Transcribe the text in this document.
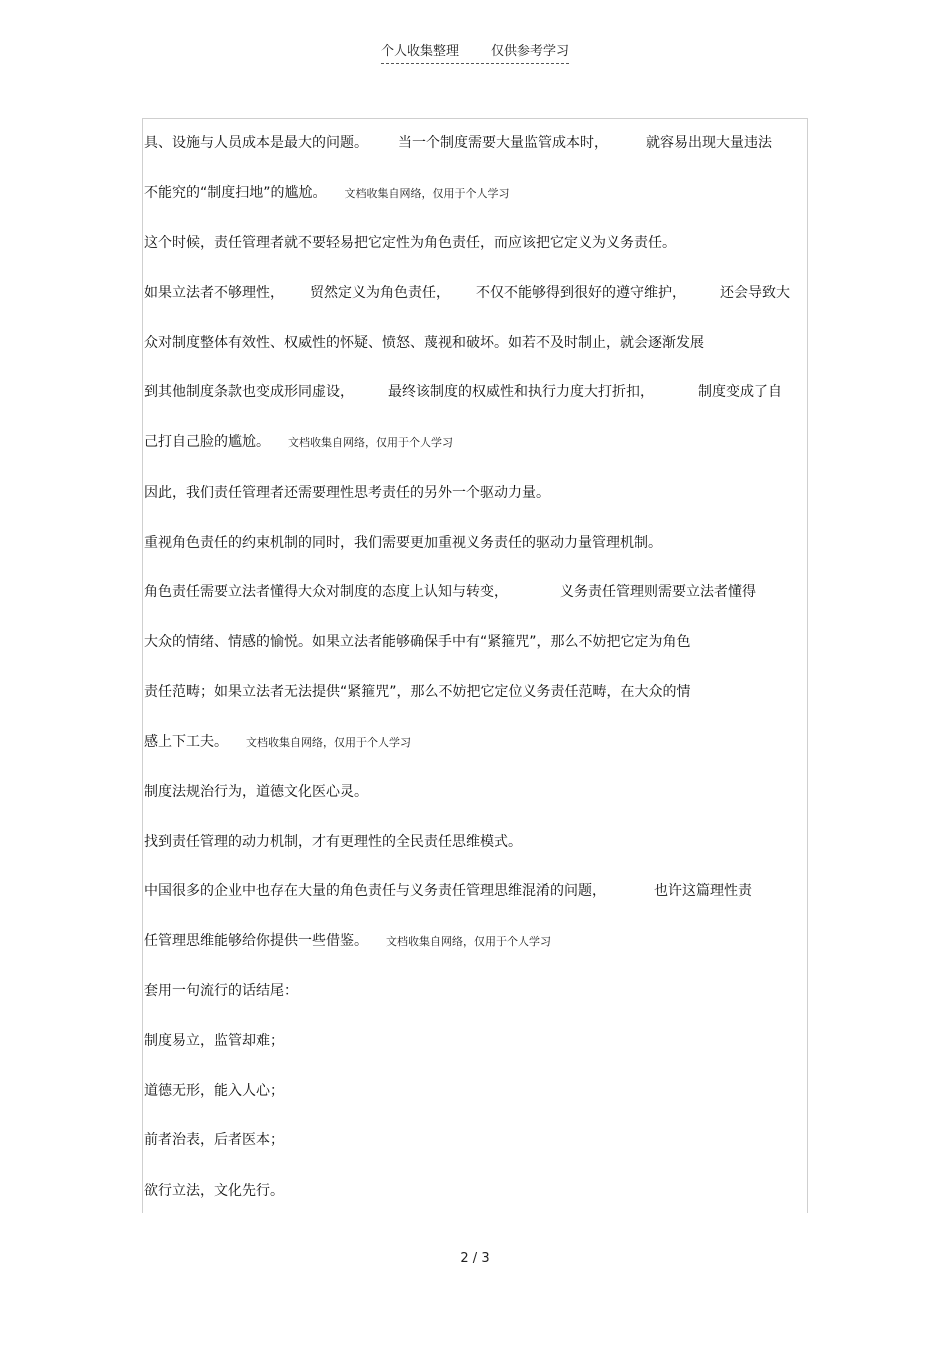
个人收集整理 仅供参考学习
具、设施与人员成本是最大的问题。 当一个制度需要大量监管成本时，	就容易出现大量违法
不能究的“制度扫地”的尴尬。 文档收集自网络，仅用于个人学习
这个时候，责任管理者就不要轻易把它定性为角色责任，而应该把它定义为义务责任。
如果立法者不够理性， 贸然定义为角色责任， 不仅不能够得到很好的遵守维护， 还会导致大
众对制度整体有效性、权威性的怀疑、愤怒、蔑视和破坏。如若不及时制止，就会逐渐发展
到其他制度条款也变成形同虚设， 最终该制度的权威性和执行力度大打折扣，	制度变成了自
己打自己脸的尴尬。 文档收集自网络，仅用于个人学习
因此，我们责任管理者还需要理性思考责任的另外一个驱动力量。
重视角色责任的约束机制的同时，我们需要更加重视义务责任的驱动力量管理机制。
角色责任需要立法者懂得大众对制度的态度上认知与转变，	义务责任管理则需要立法者懂得
大众的情绪、情感的愉悦。如果立法者能够确保手中有“紧箍咒”，那么不妨把它定为角色
责任范畴；如果立法者无法提供“紧箍咒”，那么不妨把它定位义务责任范畴，在大众的情
感上下工夫。 文档收集自网络，仅用于个人学习
制度法规治行为，道德文化医心灵。
找到责任管理的动力机制，才有更理性的全民责任思维模式。
中国很多的企业中也存在大量的角色责任与义务责任管理思维混淆的问题，	也许这篇理性责
任管理思维能够给你提供一些借鉴。 文档收集自网络，仅用于个人学习
套用一句流行的话结尾：
制度易立，监管却难；
道德无形，能入人心；
前者治表，后者医本；
欲行立法，文化先行。
2 / 3
